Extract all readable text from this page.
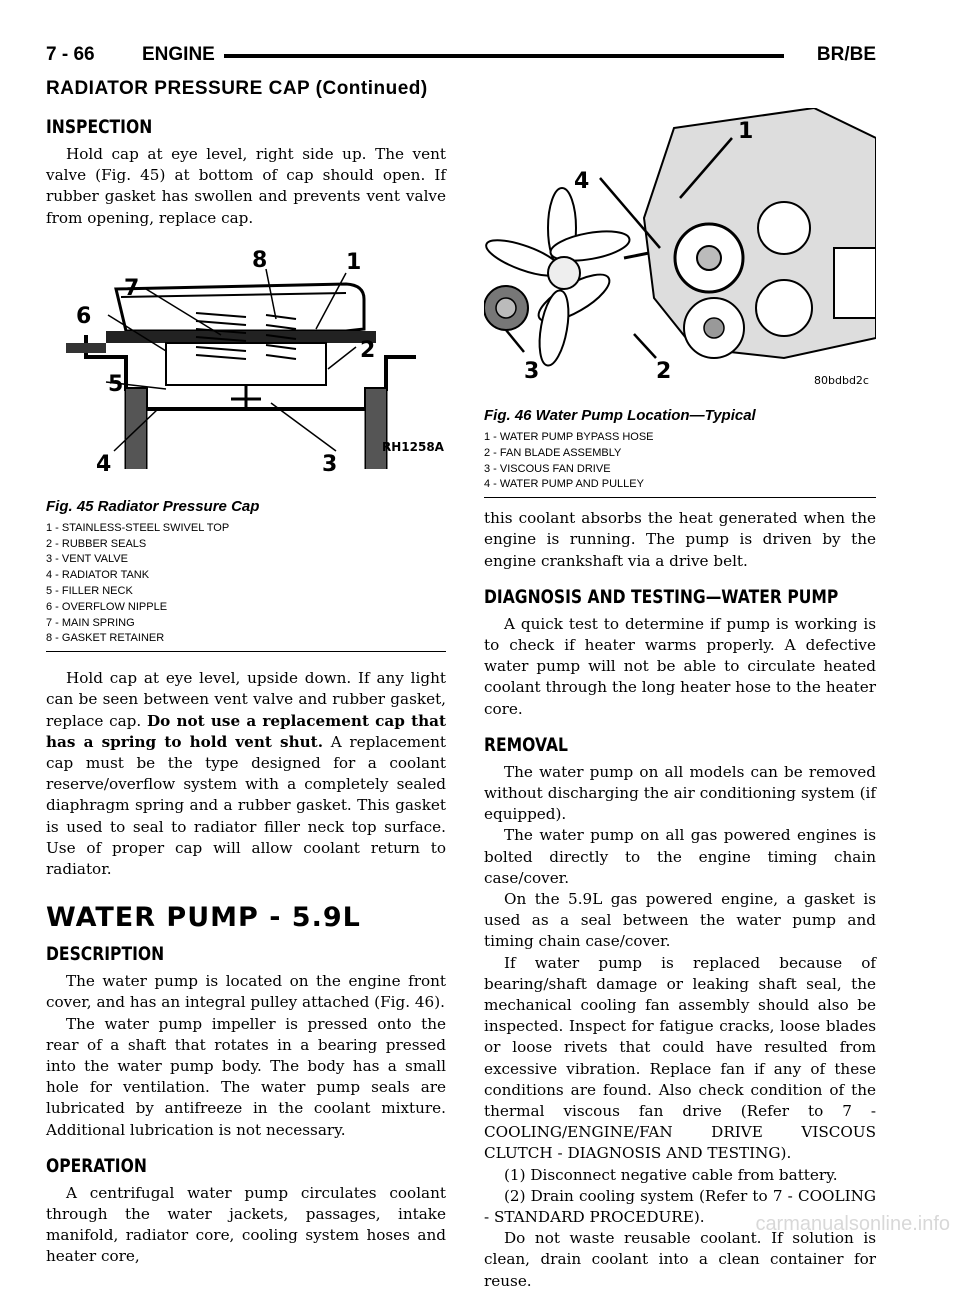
7 - 66 ENGINE	BR/BE
RADIATOR PRESSURE CAP (Continued)
INSPECTION

Hold cap at eye level, right side up. The vent valve (Fig. 45) at bottom of cap should open. If rubber gasket has swollen and prevents vent valve from opening, replace cap.

7
6
5
4
8	1
2
3
RH1258A
Fig. 45 Radiator Pressure Cap
1 - STAINLESS-STEEL SWIVEL TOP
2 - RUBBER SEALS
3 - VENT VALVE
4 - RADIATOR TANK
5 - FILLER NECK
6 - OVERFLOW NIPPLE
7 - MAIN SPRING
8 - GASKET RETAINER

Hold cap at eye level, upside down. If any light can be seen between vent valve and rubber gasket, replace cap. Do not use a replacement cap that has a spring to hold vent shut. A replacement cap must be the type designed for a coolant reserve/overflow system with a completely sealed diaphragm spring and a rubber gasket. This gasket is used to seal to radiator filler neck top surface. Use of proper cap will allow coolant return to radiator.

WATER PUMP - 5.9L
DESCRIPTION

The water pump is located on the engine front cover, and has an integral pulley attached (Fig. 46).

The water pump impeller is pressed onto the rear of a shaft that rotates in a bearing pressed into the water pump body. The body has a small hole for ventilation. The water pump seals are lubricated by antifreeze in the coolant mixture. Additional lubrication is not necessary.

OPERATION

A centrifugal water pump circulates coolant through the water jackets, passages, intake manifold, radiator core, cooling system hoses and heater core,

1
4
3	2	80bdbd2c
Fig. 46 Water Pump Location—Typical
1 - WATER PUMP BYPASS HOSE
2 - FAN BLADE ASSEMBLY
3 - VISCOUS FAN DRIVE
4 - WATER PUMP AND PULLEY

this coolant absorbs the heat generated when the engine is running. The pump is driven by the engine crankshaft via a drive belt.

DIAGNOSIS AND TESTING—WATER PUMP

A quick test to determine if pump is working is to check if heater warms properly. A defective water pump will not be able to circulate heated coolant through the long heater hose to the heater core.

REMOVAL

The water pump on all models can be removed without discharging the air conditioning system (if equipped).

The water pump on all gas powered engines is bolted directly to the engine timing chain case/cover.

On the 5.9L gas powered engine, a gasket is used as a seal between the water pump and timing chain case/cover.

If water pump is replaced because of bearing/shaft damage or leaking shaft seal, the mechanical cooling fan assembly should also be inspected. Inspect for fatigue cracks, loose blades or loose rivets that could have resulted from excessive vibration. Replace fan if any of these conditions are found. Also check condition of the thermal viscous fan drive (Refer to 7 - COOLING/ENGINE/FAN DRIVE VISCOUS CLUTCH - DIAGNOSIS AND TESTING).

(1) Disconnect negative cable from battery.

(2) Drain cooling system (Refer to 7 - COOLING - STANDARD PROCEDURE).

Do not waste reusable coolant. If solution is clean, drain coolant into a clean container for reuse.

carmanualsonline.info
